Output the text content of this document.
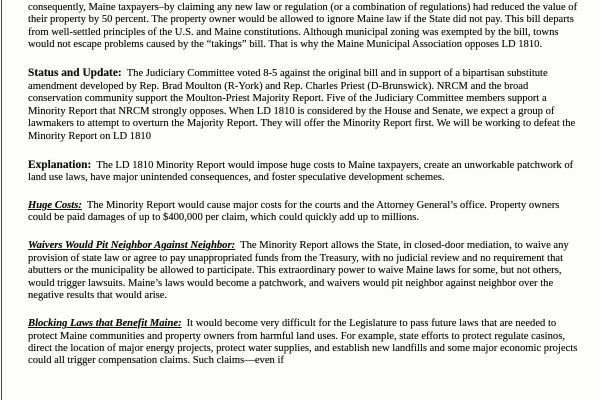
consequently, Maine taxpayers–by claiming any new law or regulation (or a combination of regulations) had reduced the value of their property by 50 percent. The property owner would be allowed to ignore Maine law if the State did not pay. This bill departs from well-settled principles of the U.S. and Maine constitutions. Although municipal zoning was exempted by the bill, towns would not escape problems caused by the “takings” bill. That is why the Maine Municipal Association opposes LD 1810.

Status and Update: The Judiciary Committee voted 8-5 against the original bill and in support of a bipartisan substitute amendment developed by Rep. Brad Moulton (R-York) and Rep. Charles Priest (D-Brunswick). NRCM and the broad conservation community support the Moulton-Priest Majority Report. Five of the Judiciary Committee members support a Minority Report that NRCM strongly opposes. When LD 1810 is considered by the House and Senate, we expect a group of lawmakers to attempt to overturn the Majority Report. They will offer the Minority Report first. We will be working to defeat the Minority Report on LD 1810

Explanation: The LD 1810 Minority Report would impose huge costs to Maine taxpayers, create an unworkable patchwork of land use laws, have major unintended consequences, and foster speculative development schemes.

Huge Costs: The Minority Report would cause major costs for the courts and the Attorney General’s office. Property owners could be paid damages of up to $400,000 per claim, which could quickly add up to millions.

Waivers Would Pit Neighbor Against Neighbor: The Minority Report allows the State, in closed-door mediation, to waive any provision of state law or agree to pay unappropriated funds from the Treasury, with no judicial review and no requirement that abutters or the municipality be allowed to participate. This extraordinary power to waive Maine laws for some, but not others, would trigger lawsuits. Maine’s laws would become a patchwork, and waivers would pit neighbor against neighbor over the negative results that would arise.

Blocking Laws that Benefit Maine: It would become very difficult for the Legislature to pass future laws that are needed to protect Maine communities and property owners from harmful land uses. For example, state efforts to protect regulate casinos, direct the location of major energy projects, protect water supplies, and establish new landfills and some major economic projects could all trigger compensation claims. Such claims—even if
